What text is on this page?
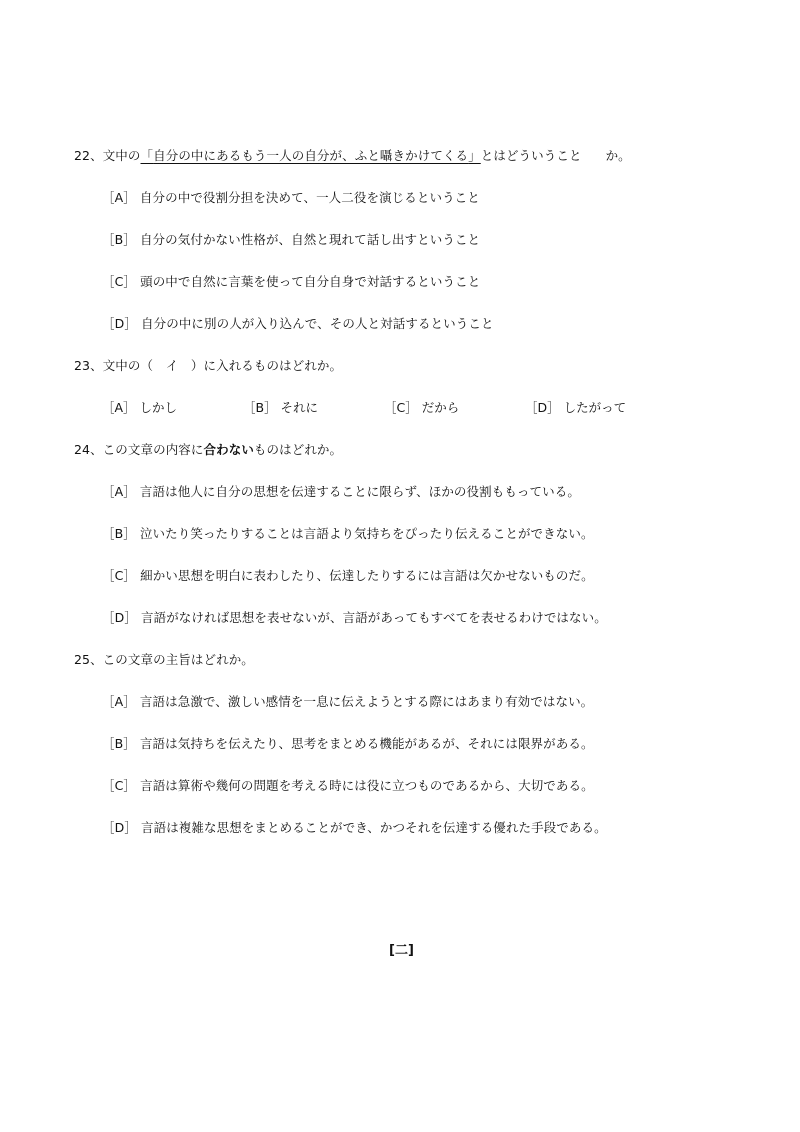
22、文中の「自分の中にあるもう一人の自分が、ふと囁きかけてくる」とはどういうこと か。
［A］ 自分の中で役割分担を決めて、一人二役を演じるということ
［B］ 自分の気付かない性格が、自然と現れて話し出すということ
［C］ 頭の中で自然に言葉を使って自分自身で対話するということ
［D］ 自分の中に別の人が入り込んで、その人と対話するということ
23、文中の（　イ　）に入れるものはどれか。
［A］ しかし	［B］ それに	［C］ だから	［D］ したがって
24、この文章の内容に合わないものはどれか。
［A］ 言語は他人に自分の思想を伝達することに限らず、ほかの役割ももっている。
［B］ 泣いたり笑ったりすることは言語より気持ちをぴったり伝えることができない。
［C］ 細かい思想を明白に表わしたり、伝達したりするには言語は欠かせないものだ。
［D］ 言語がなければ思想を表せないが、言語があってもすべてを表せるわけではない。
25、この文章の主旨はどれか。
［A］ 言語は急激で、激しい感情を一息に伝えようとする際にはあまり有効ではない。
［B］ 言語は気持ちを伝えたり、思考をまとめる機能があるが、それには限界がある。
［C］ 言語は算術や幾何の問題を考える時には役に立つものであるから、大切である。
［D］ 言語は複雑な思想をまとめることができ、かつそれを伝達する優れた手段である。
[二]
